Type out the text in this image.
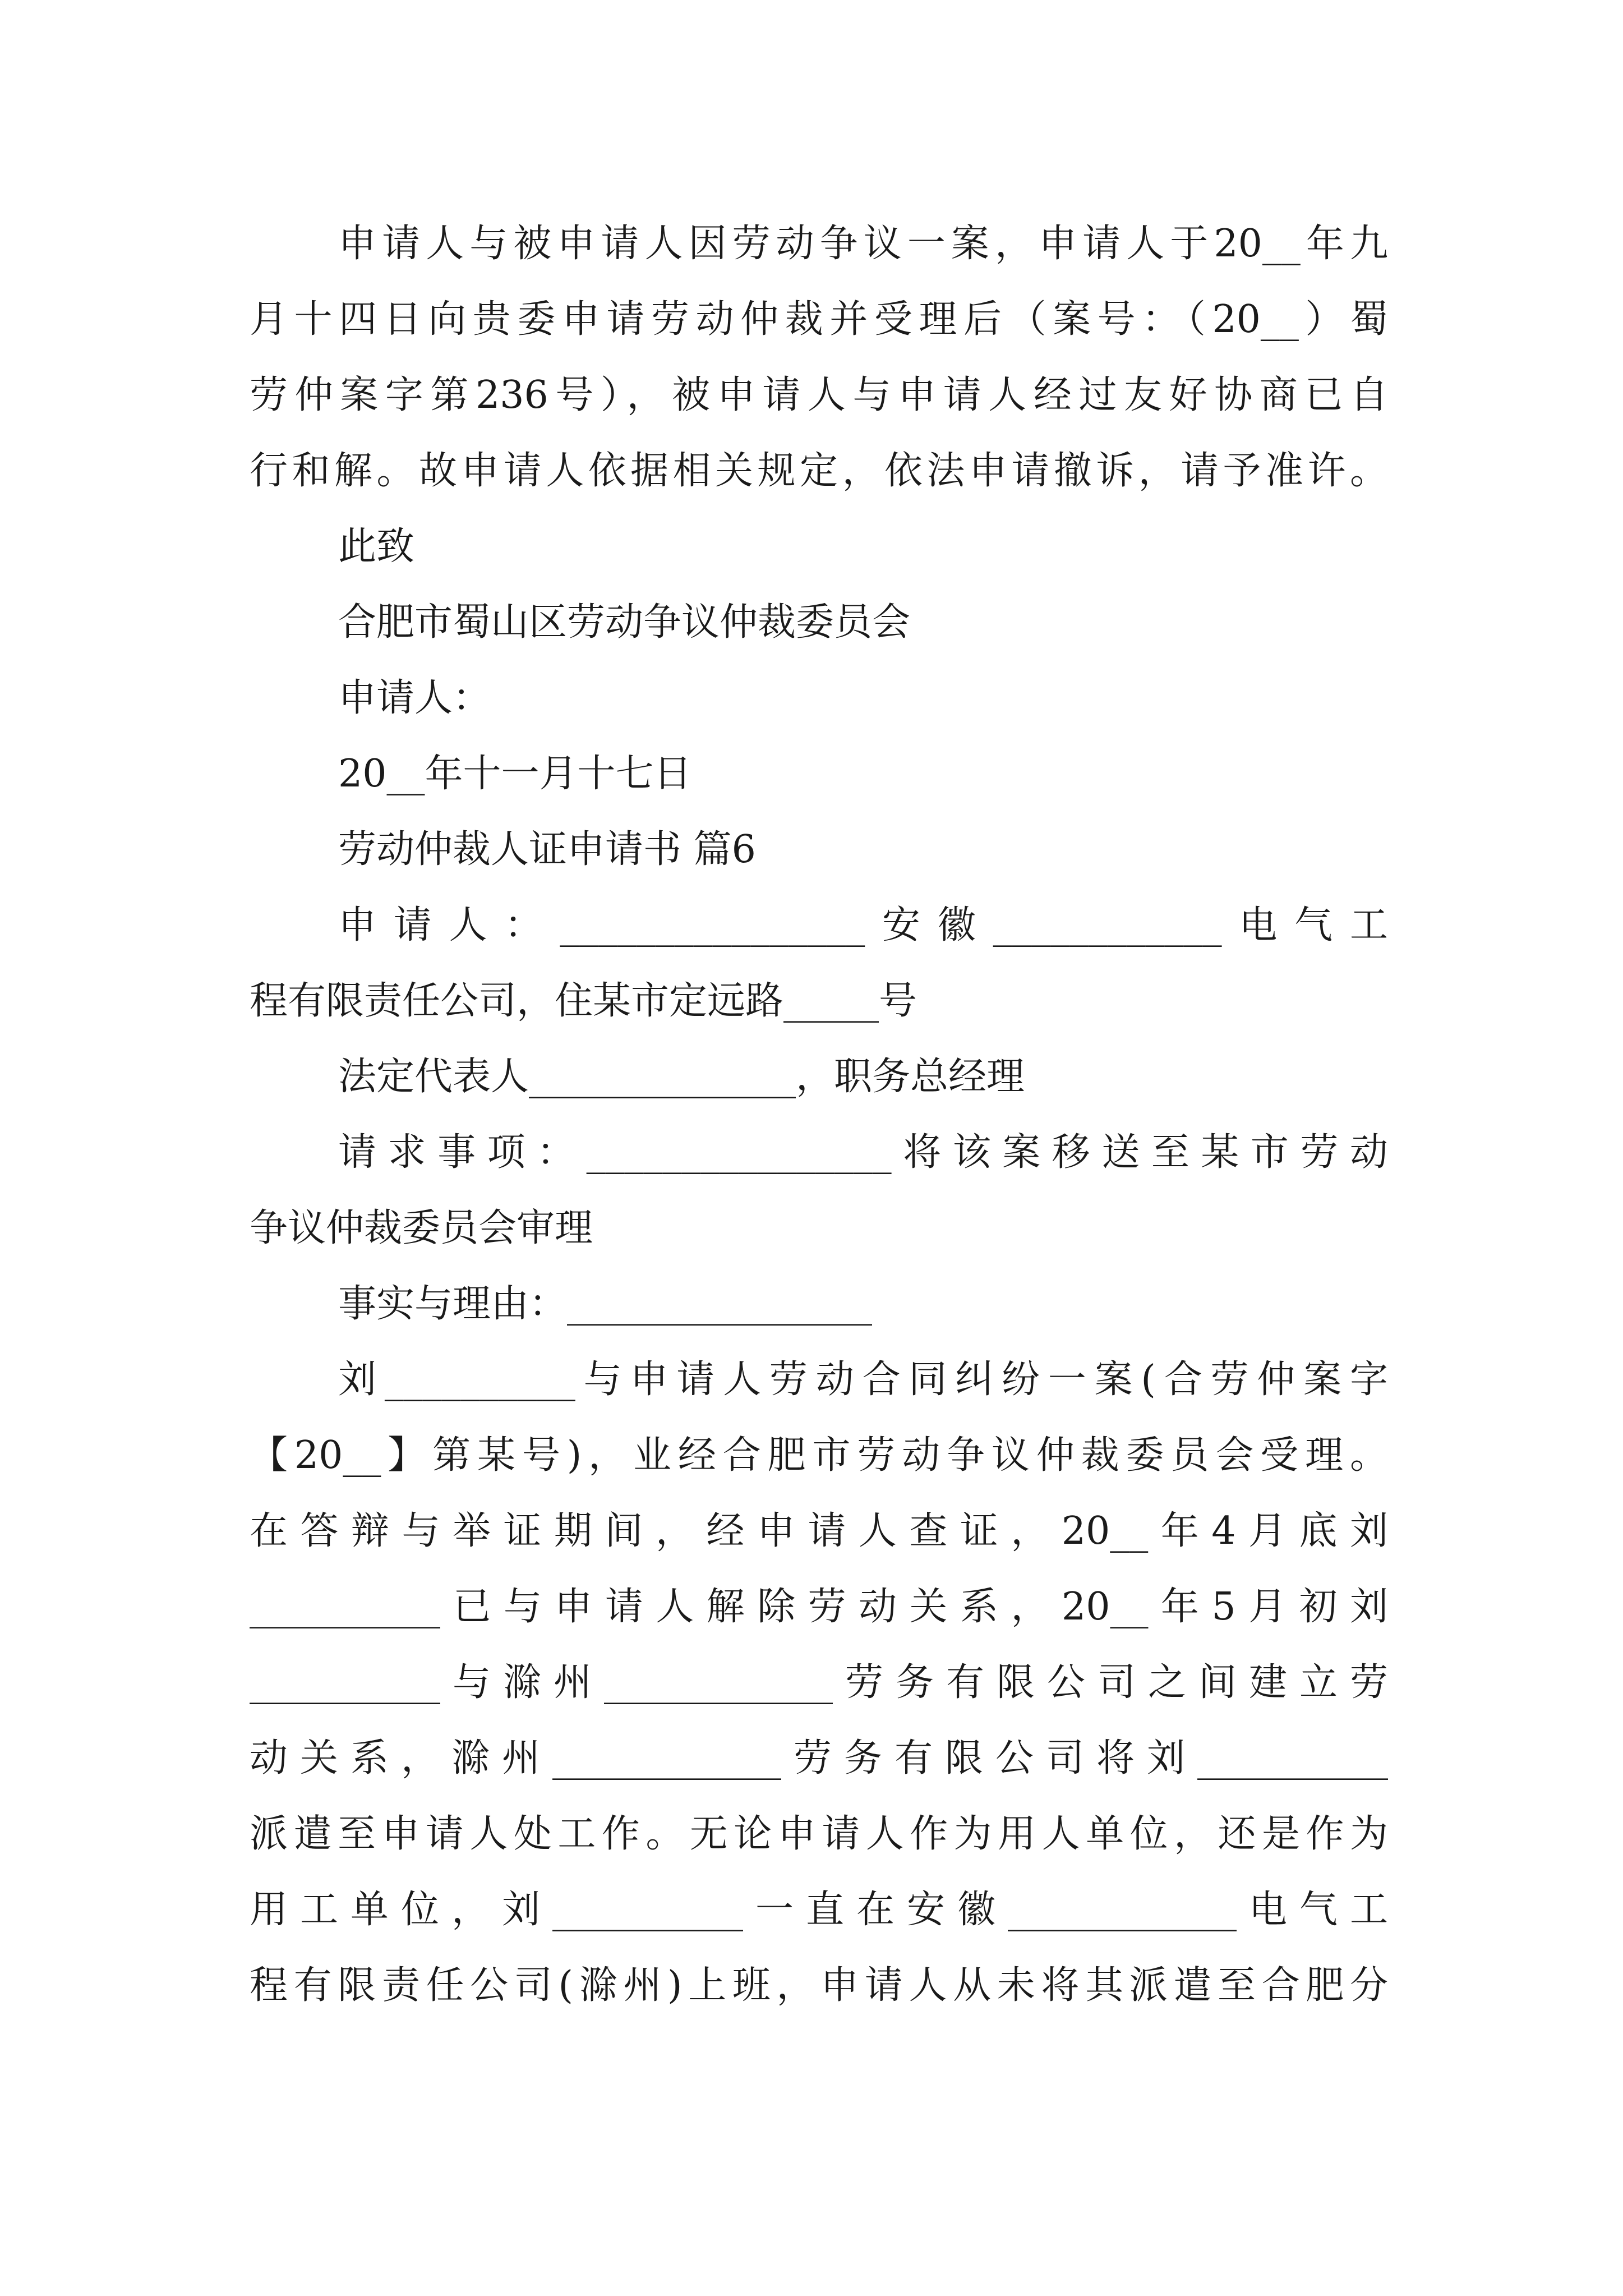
申请人与被申请人因劳动争议一案，申请人于20__年九
月十四日向贵委申请劳动仲裁并受理后（案号：（20__）蜀
劳仲案字第236号），被申请人与申请人经过友好协商已自
行和解。故申请人依据相关规定，依法申请撤诉，请予准许。
此致
合肥市蜀山区劳动争议仲裁委员会
申请人：
20__年十一月十七日
劳动仲裁人证申请书 篇6
申请人：________________安徽____________电气工
程有限责任公司，住某市定远路_____号
法定代表人______________，职务总经理
请求事项：________________将该案移送至某市劳动
争议仲裁委员会审理
事实与理由：________________
刘__________与申请人劳动合同纠纷一案(合劳仲案字
【20__】第某号)，业经合肥市劳动争议仲裁委员会受理。
在答辩与举证期间，经申请人查证，20__年4月底刘
__________已与申请人解除劳动关系，20__年5月初刘
__________与滁州____________劳务有限公司之间建立劳
动关系，滁州____________劳务有限公司将刘__________
派遣至申请人处工作。无论申请人作为用人单位，还是作为
用工单位，刘__________一直在安徽____________电气工
程有限责任公司(滁州)上班，申请人从未将其派遣至合肥分
